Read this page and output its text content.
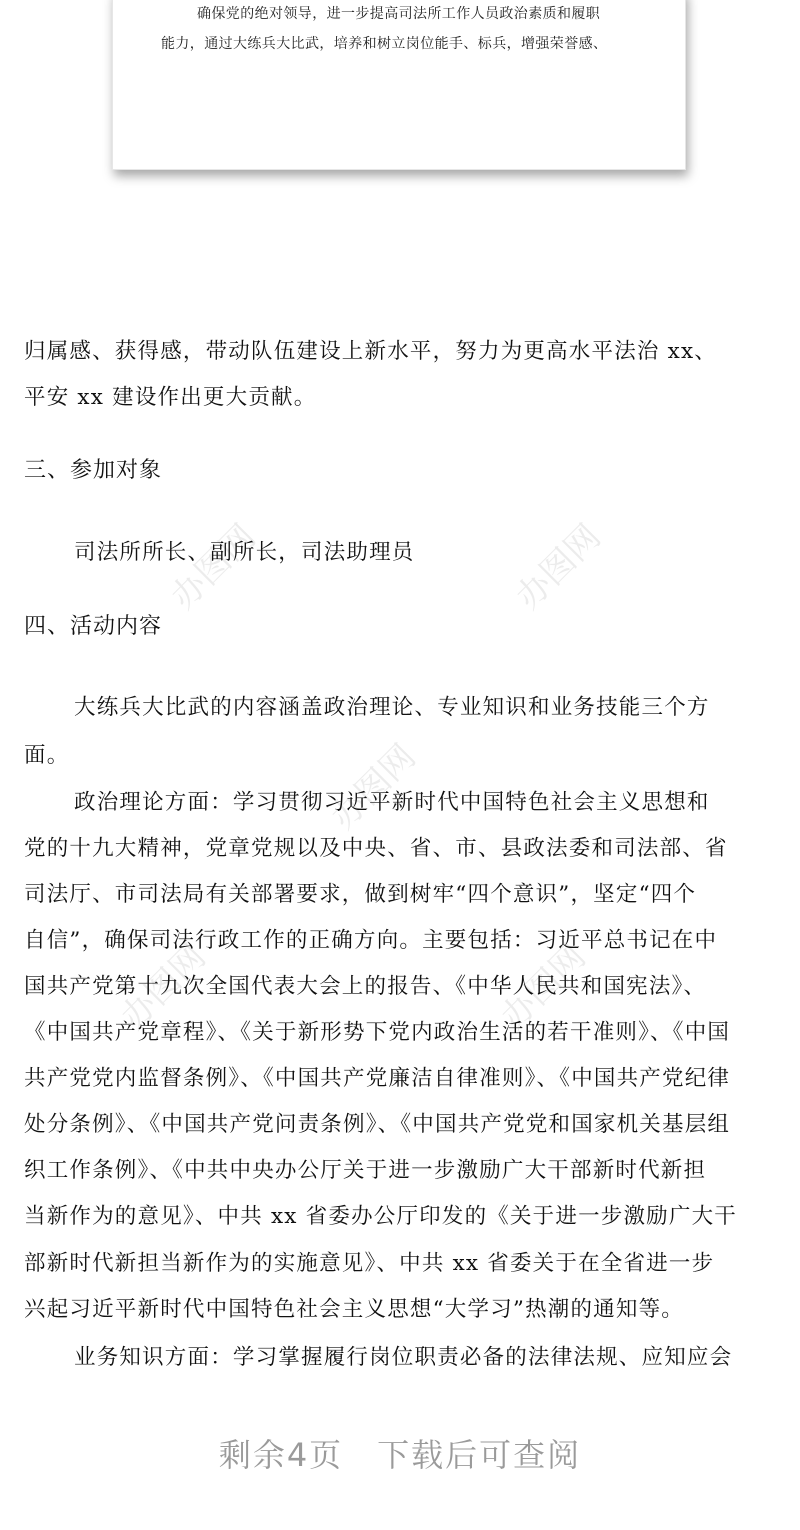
确保党的绝对领导，进一步提高司法所工作人员政治素质和履职
能力，通过大练兵大比武，培养和树立岗位能手、标兵，增强荣誉感、
办图网	办图网
办图网
办图网	办图网
归属感、获得感，带动队伍建设上新水平，努力为更高水平法治 xx、
平安 xx 建设作出更大贡献。
司法所所长、副所长，司法助理员
大练兵大比武的内容涵盖政治理论、专业知识和业务技能三个方
面。
政治理论方面：学习贯彻习近平新时代中国特色社会主义思想和
党的十九大精神，党章党规以及中央、省、市、县政法委和司法部、省
司法厅、市司法局有关部署要求，做到树牢“四个意识”，坚定“四个
自信”，确保司法行政工作的正确方向。主要包括：习近平总书记在中
国共产党第十九次全国代表大会上的报告、《中华人民共和国宪法》、
《中国共产党章程》、《关于新形势下党内政治生活的若干准则》、《中国
共产党党内监督条例》、《中国共产党廉洁自律准则》、《中国共产党纪律
处分条例》、《中国共产党问责条例》、《中国共产党党和国家机关基层组
织工作条例》、《中共中央办公厅关于进一步激励广大干部新时代新担
当新作为的意见》、中共 xx 省委办公厅印发的《关于进一步激励广大干
部新时代新担当新作为的实施意见》、中共 xx 省委关于在全省进一步
兴起习近平新时代中国特色社会主义思想“大学习”热潮的通知等。
业务知识方面：学习掌握履行岗位职责必备的法律法规、应知应会
三、参加对象
四、活动内容
剩余4页　下载后可查阅
